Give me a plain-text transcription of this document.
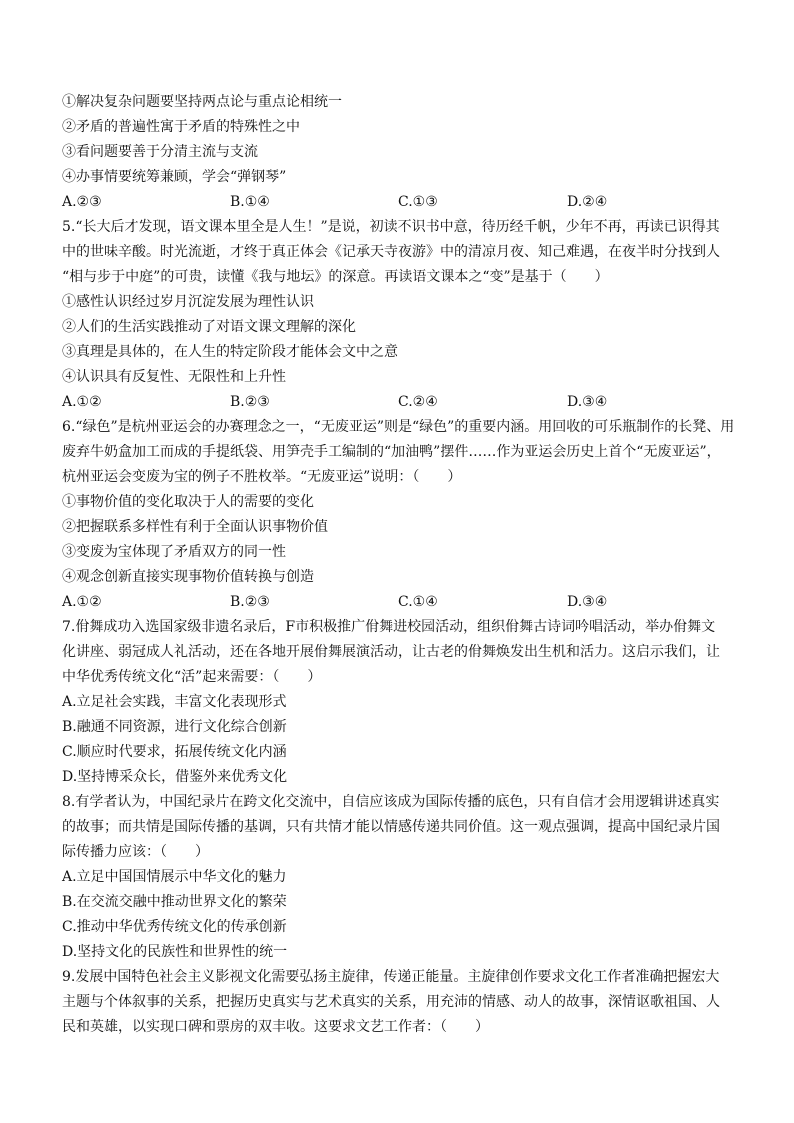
①解决复杂问题要坚持两点论与重点论相统一
②矛盾的普遍性寓于矛盾的特殊性之中
③看问题要善于分清主流与支流
④办事情要统筹兼顾，学会“弹钢琴”
A.②③	B.①④	C.①③	D.②④
5.“长大后才发现，语文课本里全是人生！”是说，初读不识书中意，待历经千帆，少年不再，再读已识得其
中的世味辛酸。时光流逝，才终于真正体会《记承天寺夜游》中的清凉月夜、知己难遇，在夜半时分找到人
“相与步于中庭”的可贵，读懂《我与地坛》的深意。再读语文课本之“变”是基于（　　）
①感性认识经过岁月沉淀发展为理性认识
②人们的生活实践推动了对语文课文理解的深化
③真理是具体的，在人生的特定阶段才能体会文中之意
④认识具有反复性、无限性和上升性
A.①②	B.②③	C.②④	D.③④
6.“绿色”是杭州亚运会的办赛理念之一，“无废亚运”则是“绿色”的重要内涵。用回收的可乐瓶制作的长凳、用
废弃牛奶盒加工而成的手提纸袋、用笋壳手工编制的“加油鸭”摆件……作为亚运会历史上首个“无废亚运”，
杭州亚运会变废为宝的例子不胜枚举。“无废亚运”说明：（　　）
①事物价值的变化取决于人的需要的变化
②把握联系多样性有利于全面认识事物价值
③变废为宝体现了矛盾双方的同一性
④观念创新直接实现事物价值转换与创造
A.①②	B.②③	C.①④	D.③④
7.佾舞成功入选国家级非遗名录后，F市积极推广佾舞进校园活动，组织佾舞古诗词吟唱活动，举办佾舞文
化讲座、弱冠成人礼活动，还在各地开展佾舞展演活动，让古老的佾舞焕发出生机和活力。这启示我们，让
中华优秀传统文化“活”起来需要：（　　）
A.立足社会实践，丰富文化表现形式
B.融通不同资源，进行文化综合创新
C.顺应时代要求，拓展传统文化内涵
D.坚持博采众长，借鉴外来优秀文化
8.有学者认为，中国纪录片在跨文化交流中，自信应该成为国际传播的底色，只有自信才会用逻辑讲述真实
的故事；而共情是国际传播的基调，只有共情才能以情感传递共同价值。这一观点强调，提高中国纪录片国
际传播力应该：（　　）
A.立足中国国情展示中华文化的魅力
B.在交流交融中推动世界文化的繁荣
C.推动中华优秀传统文化的传承创新
D.坚持文化的民族性和世界性的统一
9.发展中国特色社会主义影视文化需要弘扬主旋律，传递正能量。主旋律创作要求文化工作者准确把握宏大
主题与个体叙事的关系，把握历史真实与艺术真实的关系，用充沛的情感、动人的故事，深情讴歌祖国、人
民和英雄，以实现口碑和票房的双丰收。这要求文艺工作者：（　　）
